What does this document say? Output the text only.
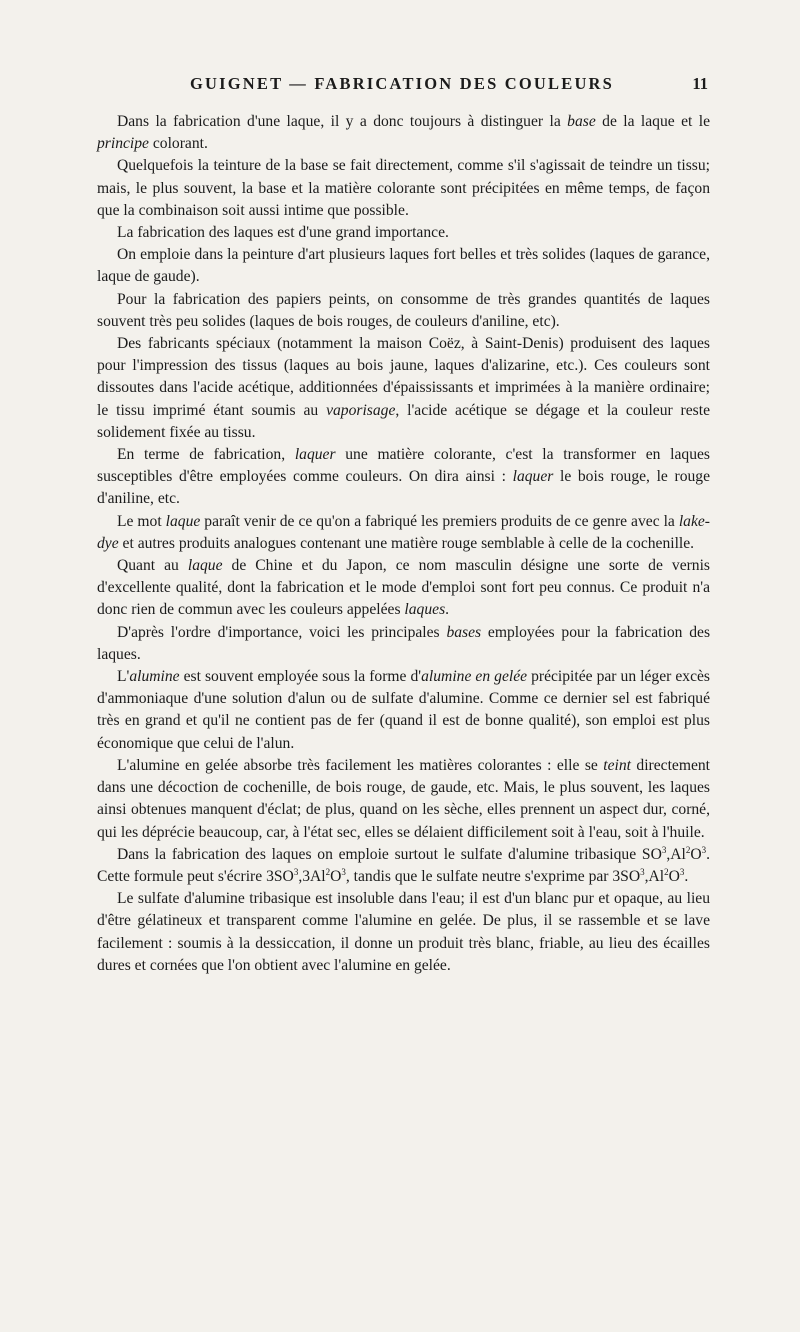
GUIGNET — FABRICATION DES COULEURS	11

Dans la fabrication d'une laque, il y a donc toujours à distinguer la base de la laque et le principe colorant.

Quelquefois la teinture de la base se fait directement, comme s'il s'agissait de teindre un tissu; mais, le plus souvent, la base et la matière colorante sont précipitées en même temps, de façon que la combinaison soit aussi intime que possible.

La fabrication des laques est d'une grand importance.

On emploie dans la peinture d'art plusieurs laques fort belles et très solides (laques de garance, laque de gaude).

Pour la fabrication des papiers peints, on consomme de très grandes quantités de laques souvent très peu solides (laques de bois rouges, de couleurs d'aniline, etc).

Des fabricants spéciaux (notamment la maison Coëz, à Saint-Denis) produisent des laques pour l'impression des tissus (laques au bois jaune, laques d'alizarine, etc.). Ces couleurs sont dissoutes dans l'acide acétique, additionnées d'épaississants et imprimées à la manière ordinaire; le tissu imprimé étant soumis au vaporisage, l'acide acétique se dégage et la couleur reste solidement fixée au tissu.

En terme de fabrication, laquer une matière colorante, c'est la transformer en laques susceptibles d'être employées comme couleurs. On dira ainsi : laquer le bois rouge, le rouge d'aniline, etc.

Le mot laque paraît venir de ce qu'on a fabriqué les premiers produits de ce genre avec la lake-dye et autres produits analogues contenant une matière rouge semblable à celle de la cochenille.

Quant au laque de Chine et du Japon, ce nom masculin désigne une sorte de vernis d'excellente qualité, dont la fabrication et le mode d'emploi sont fort peu connus. Ce produit n'a donc rien de commun avec les couleurs appelées laques.

D'après l'ordre d'importance, voici les principales bases employées pour la fabrication des laques.

L'alumine est souvent employée sous la forme d'alumine en gelée précipitée par un léger excès d'ammoniaque d'une solution d'alun ou de sulfate d'alumine. Comme ce dernier sel est fabriqué très en grand et qu'il ne contient pas de fer (quand il est de bonne qualité), son emploi est plus économique que celui de l'alun.

L'alumine en gelée absorbe très facilement les matières colorantes : elle se teint directement dans une décoction de cochenille, de bois rouge, de gaude, etc. Mais, le plus souvent, les laques ainsi obtenues manquent d'éclat; de plus, quand on les sèche, elles prennent un aspect dur, corné, qui les déprécie beaucoup, car, à l'état sec, elles se délaient difficilement soit à l'eau, soit à l'huile.

Dans la fabrication des laques on emploie surtout le sulfate d'alumine tribasique $SO^3,Al^2O^3$. Cette formule peut s'écrire $3SO^3,3Al^2O^3$, tandis que le sulfate neutre s'exprime par $3SO^3,Al^2O^3$.

Le sulfate d'alumine tribasique est insoluble dans l'eau; il est d'un blanc pur et opaque, au lieu d'être gélatineux et transparent comme l'alumine en gelée. De plus, il se rassemble et se lave facilement : soumis à la dessiccation, il donne un produit très blanc, friable, au lieu des écailles dures et cornées que l'on obtient avec l'alumine en gelée.
